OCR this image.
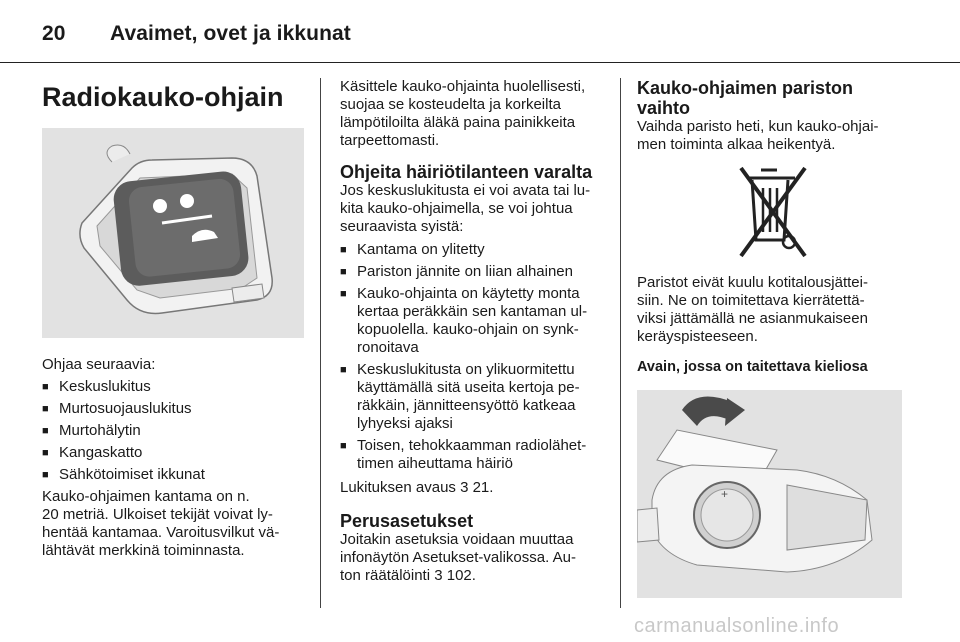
20 Avaimet, ovet ja ikkunat
Radiokauko-ohjain

Ohjaa seuraavia:

■ Keskuslukitus
■ Murtosuojauslukitus
■ Murtohälytin
■ Kangaskatto
■ Sähkötoimiset ikkunat

Kauko-ohjaimen kantama on n.
20 metriä. Ulkoiset tekijät voivat ly-
hentää kantamaa. Varoitusvilkut vä-
lähtävät merkkinä toiminnasta.

Käsittele kauko-ohjainta huolellisesti,
suojaa se kosteudelta ja korkeilta
lämpötiloilta äläkä paina painikkeita
tarpeettomasti.

Ohjeita häiriötilanteen varalta

Jos keskuslukitusta ei voi avata tai lu-
kita kauko-ohjaimella, se voi johtua
seuraavista syistä:

■ Kantama on ylitetty
■ Pariston jännite on liian alhainen
■ Kauko-ohjainta on käytetty monta
kertaa peräkkäin sen kantaman ul-
kopuolella. kauko-ohjain on synk-
ronoitava
■ Keskuslukitusta on ylikuormitettu
käyttämällä sitä useita kertoja pe-
räkkäin, jännitteensyöttö katkeaa
lyhyeksi ajaksi
■ Toisen, tehokkaamman radiolähet-
timen aiheuttama häiriö

Lukituksen avaus 3 21.

Perusasetukset

Joitakin asetuksia voidaan muuttaa
infonäytön Asetukset-valikossa. Au-
ton räätälöinti 3 102.

Kauko-ohjaimen pariston vaihto

Vaihda paristo heti, kun kauko-ohjai-
men toiminta alkaa heikentyä.

Paristot eivät kuulu kotitalousjättei-
siin. Ne on toimitettava kierrätettä-
viksi jättämällä ne asianmukaiseen
keräyspisteeseen.

Avain, jossa on taitettava kieliosa
+
carmanualsonline.info
